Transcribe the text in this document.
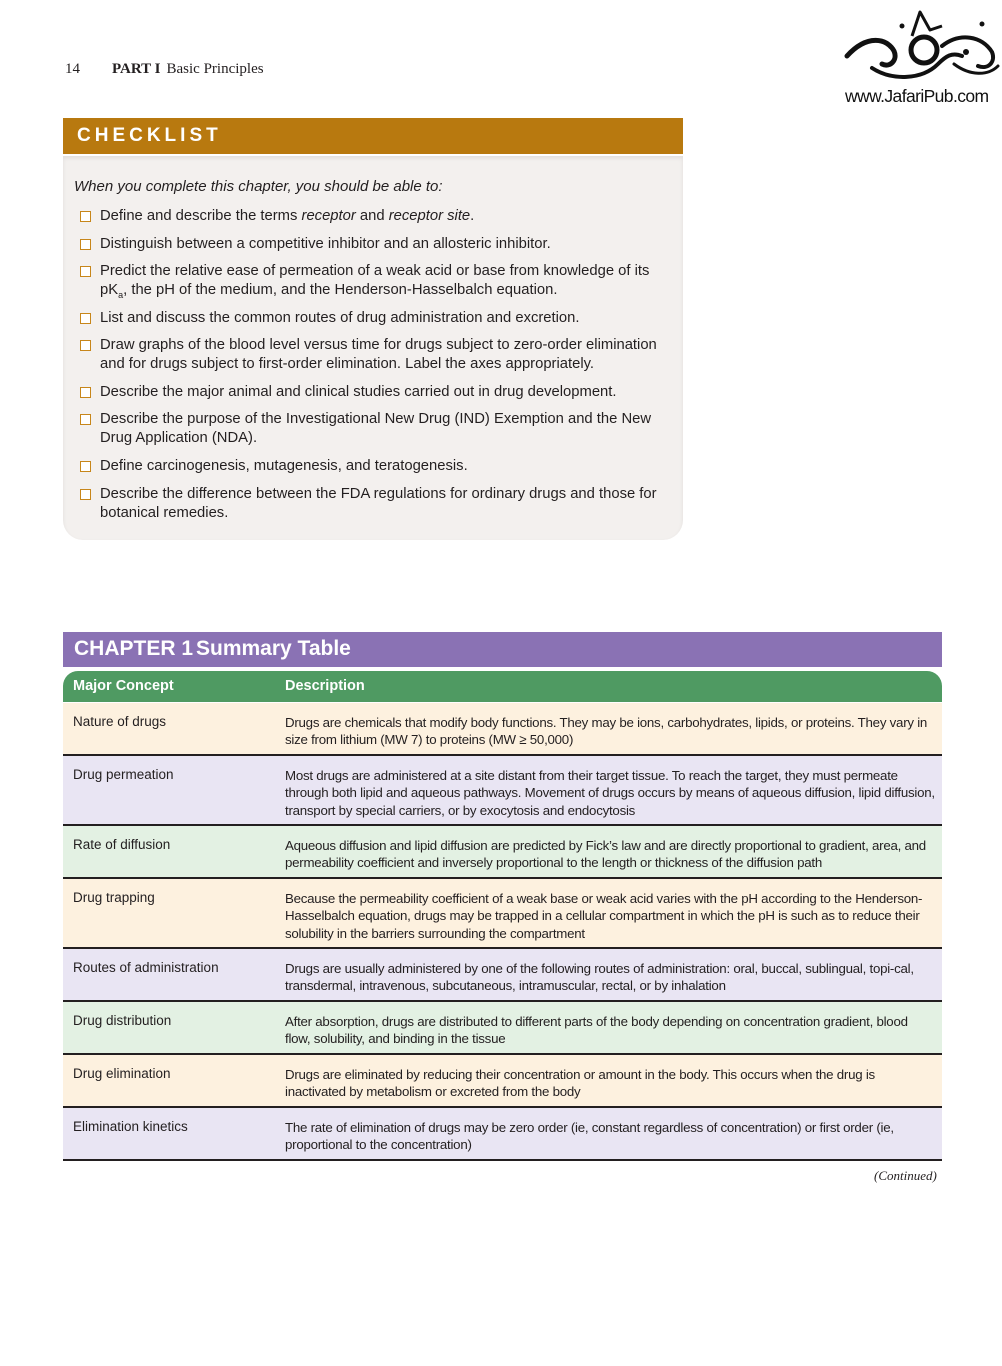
14 PART I Basic Principles
www.JafariPub.com
CHECKLIST
When you complete this chapter, you should be able to:
Define and describe the terms receptor and receptor site.
Distinguish between a competitive inhibitor and an allosteric inhibitor.
Predict the relative ease of permeation of a weak acid or base from knowledge of its
$pK_a$, the pH of the medium, and the Henderson-Hasselbalch equation.
List and discuss the common routes of drug administration and excretion.
Draw graphs of the blood level versus time for drugs subject to zero-order elimination and for drugs subject to first-order elimination. Label the axes appropriately.
Describe the major animal and clinical studies carried out in drug development.
Describe the purpose of the Investigational New Drug (IND) Exemption and the New Drug Application (NDA).
Define carcinogenesis, mutagenesis, and teratogenesis.
Describe the difference between the FDA regulations for ordinary drugs and those for botanical remedies.
CHAPTER 1 Summary Table
Major Concept	Description
Nature of drugs	Drugs are chemicals that modify body functions. They may be ions, carbohydrates, lipids, or proteins. They vary in size from lithium (MW 7) to proteins (MW ≥ 50,000)
Drug permeation	Most drugs are administered at a site distant from their target tissue. To reach the target, they must permeate through both lipid and aqueous pathways. Movement of drugs occurs by means of aqueous diffusion, lipid diffusion, transport by special carriers, or by exocytosis and endocytosis
Rate of diffusion	Aqueous diffusion and lipid diffusion are predicted by Fick’s law and are directly proportional to gradient, area, and permeability coefficient and inversely proportional to the length or thickness of the diffusion path
Drug trapping	Because the permeability coefficient of a weak base or weak acid varies with the pH according to the Henderson-Hasselbalch equation, drugs may be trapped in a cellular compartment in which the pH is such as to reduce their solubility in the barriers surrounding the compartment
Routes of administration	Drugs are usually administered by one of the following routes of administration: oral, buccal, sublingual, topi-cal, transdermal, intravenous, subcutaneous, intramuscular, rectal, or by inhalation
Drug distribution	After absorption, drugs are distributed to different parts of the body depending on concentration gradient, blood flow, solubility, and binding in the tissue
Drug elimination	Drugs are eliminated by reducing their concentration or amount in the body. This occurs when the drug is inactivated by metabolism or excreted from the body
Elimination kinetics	The rate of elimination of drugs may be zero order (ie, constant regardless of concentration) or first order (ie, proportional to the concentration)
(Continued)
